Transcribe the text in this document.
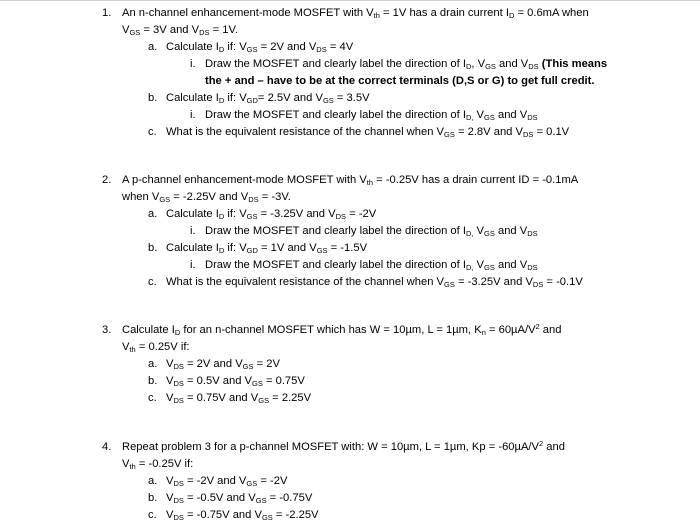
1. An n-channel enhancement-mode MOSFET with $V_{th} = 1V$ has a drain current $I_D = 0.6mA$ when
$V_{GS} = 3V$ and $V_{DS} = 1V$.
a. Calculate $I_D$ if: $V_{GS} = 2V$ and $V_{DS} = 4V$
i. Draw the MOSFET and clearly label the direction of $I_D$, $V_{GS}$ and $V_{DS}$ (This means
the + and – have to be at the correct terminals (D,S or G) to get full credit.
b. Calculate $I_D$ if: $V_{GD}= 2.5V$ and $V_{GS} = 3.5V$
i. Draw the MOSFET and clearly label the direction of $I_{D,}$ $V_{GS}$ and $V_{DS}$
c. What is the equivalent resistance of the channel when $V_{GS} = 2.8V$ and $V_{DS} = 0.1V$
2. A p-channel enhancement-mode MOSFET with $V_{th} = -0.25V$ has a drain current ID = -0.1mA
when $V_{GS} = -2.25V$ and $V_{DS} = -3V$.
a. Calculate $I_D$ if: $V_{GS} = -3.25V$ and $V_{DS} = -2V$
i. Draw the MOSFET and clearly label the direction of $I_{D,}$ $V_{GS}$ and $V_{DS}$
b. Calculate $I_D$ if: $V_{GD} = 1V$ and $V_{GS} = -1.5V$
i. Draw the MOSFET and clearly label the direction of $I_{D,}$ $V_{GS}$ and $V_{DS}$
c. What is the equivalent resistance of the channel when $V_{GS} = -3.25V$ and $V_{DS} = -0.1V$
3. Calculate $I_D$ for an n-channel MOSFET which has W = 10µm, L = 1µm, $K_n = 60\mu A/V^2$ and
$V_{th} = 0.25V$ if:
a. $V_{DS} = 2V$ and $V_{GS} = 2V$
b. $V_{DS} = 0.5V$ and $V_{GS} = 0.75V$
c. $V_{DS} = 0.75V$ and $V_{GS} = 2.25V$
4. Repeat problem 3 for a p-channel MOSFET with: W = 10µm, L = 1µm, $Kp = -60\mu A/V^2$ and
$V_{th} = -0.25V$ if:
a. $V_{DS} = -2V$ and $V_{GS} = -2V$
b. $V_{DS} = -0.5V$ and $V_{GS} = -0.75V$
c. $V_{DS} = -0.75V$ and $V_{GS} = -2.25V$
